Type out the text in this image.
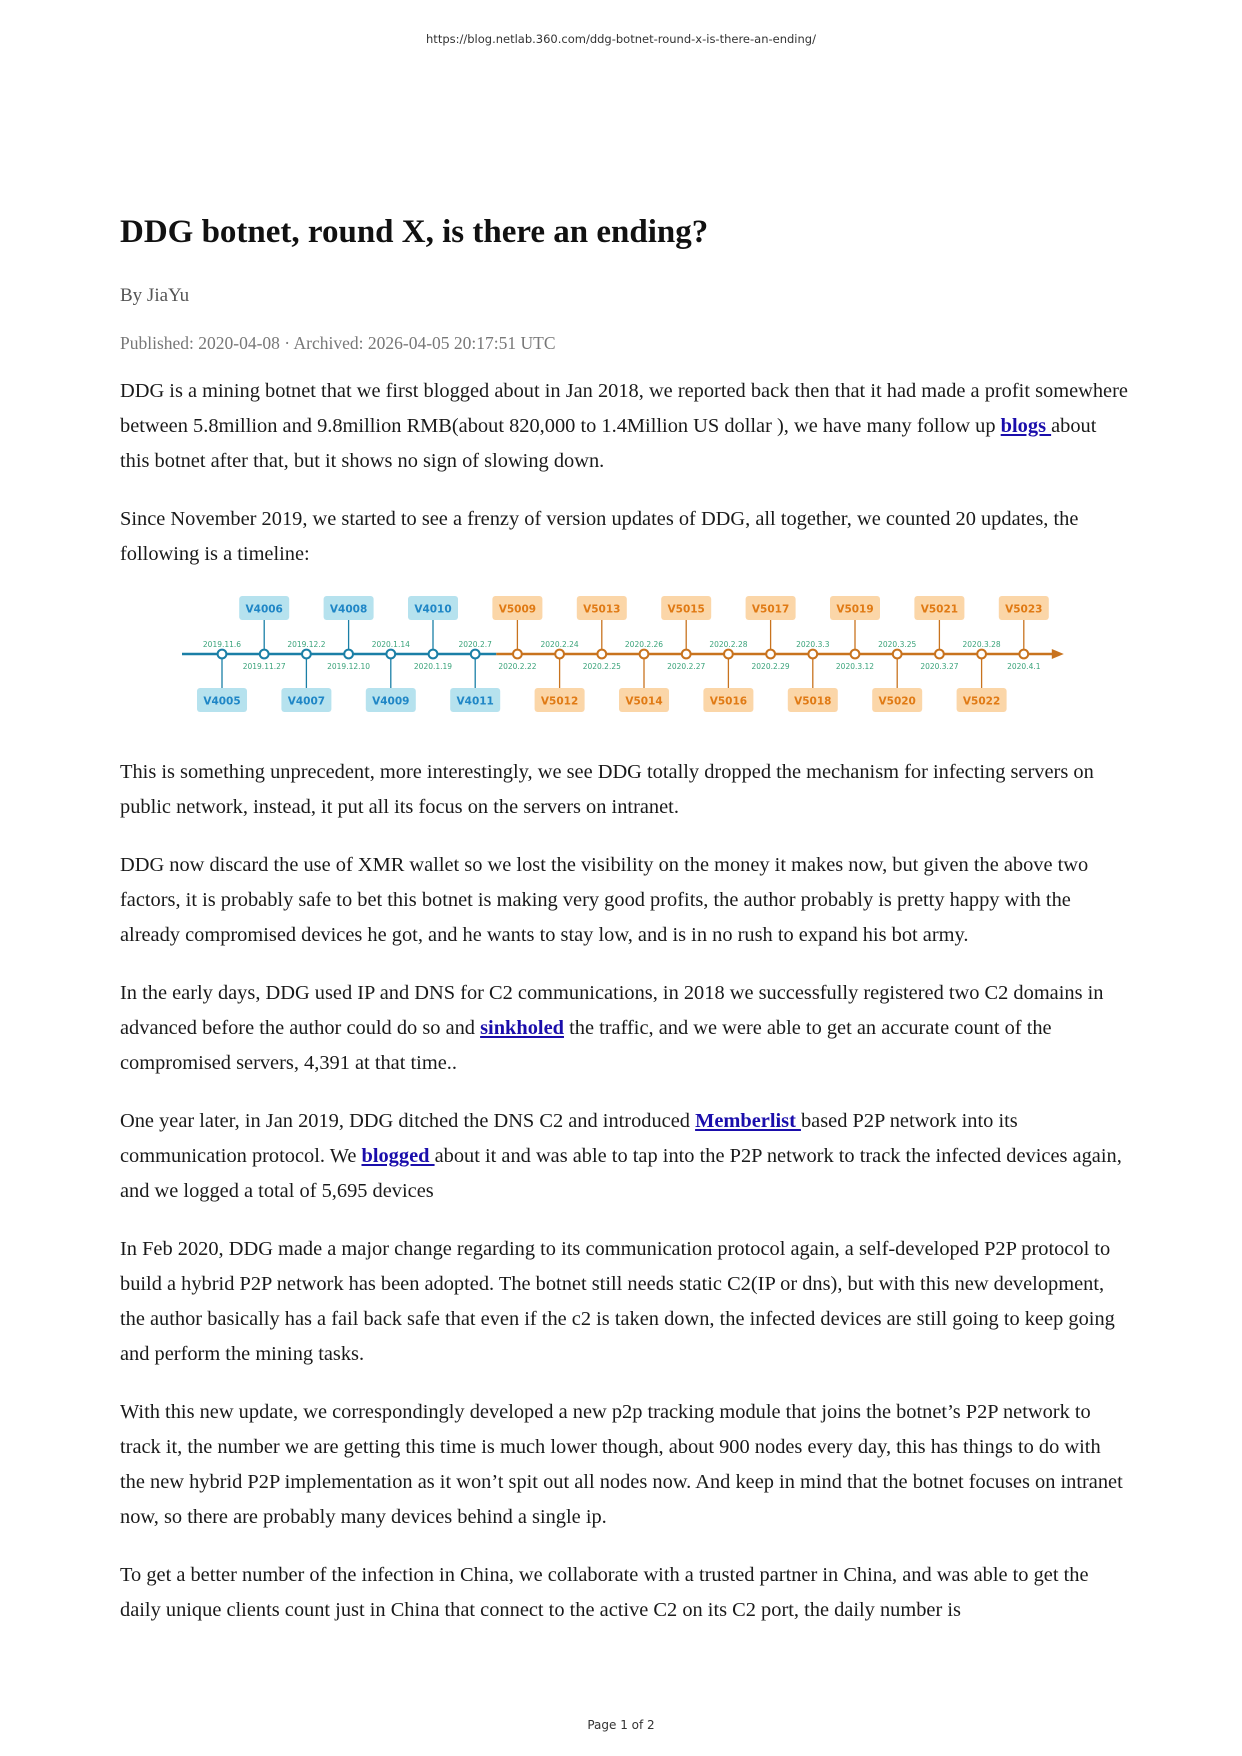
https://blog.netlab.360.com/ddg-botnet-round-x-is-there-an-ending/
DDG botnet, round X, is there an ending?
By JiaYu
Published: 2020-04-08 · Archived: 2026-04-05 20:17:51 UTC

DDG is a mining botnet that we first blogged about in Jan 2018, we reported back then that it had made a profit somewhere between 5.8million and 9.8million RMB(about 820,000 to 1.4Million US dollar ), we have many follow up blogs about this botnet after that, but it shows no sign of slowing down.

Since November 2019, we started to see a frenzy of version updates of DDG, all together, we counted 20 updates, the following is a timeline:

V4005
2019.11.6
V4006
2019.11.27
V4007
2019.12.2
V4008
2019.12.10
V4009
2020.1.14
V4010
2020.1.19
V4011
2020.2.7
V5009
2020.2.22
V5012
2020.2.24
V5013
2020.2.25
V5014
2020.2.26
V5015
2020.2.27
V5016
2020.2.28
V5017
2020.2.29
V5018
2020.3.3
V5019
2020.3.12
V5020
2020.3.25
V5021
2020.3.27
V5022
2020.3.28
V5023
2020.4.1

This is something unprecedent, more interestingly, we see DDG totally dropped the mechanism for infecting servers on public network, instead, it put all its focus on the servers on intranet.

DDG now discard the use of XMR wallet so we lost the visibility on the money it makes now, but given the above two factors, it is probably safe to bet this botnet is making very good profits, the author probably is pretty happy with the already compromised devices he got, and he wants to stay low, and is in no rush to expand his bot army.

In the early days, DDG used IP and DNS for C2 communications, in 2018 we successfully registered two C2 domains in advanced before the author could do so and sinkholed the traffic, and we were able to get an accurate count of the compromised servers, 4,391 at that time..

One year later, in Jan 2019, DDG ditched the DNS C2 and introduced Memberlist based P2P network into its communication protocol. We blogged about it and was able to tap into the P2P network to track the infected devices again, and we logged a total of 5,695 devices

In Feb 2020, DDG made a major change regarding to its communication protocol again, a self-developed P2P protocol to build a hybrid P2P network has been adopted. The botnet still needs static C2(IP or dns), but with this new development, the author basically has a fail back safe that even if the c2 is taken down, the infected devices are still going to keep going and perform the mining tasks.

With this new update, we correspondingly developed a new p2p tracking module that joins the botnet’s P2P network to track it, the number we are getting this time is much lower though, about 900 nodes every day, this has things to do with the new hybrid P2P implementation as it won’t spit out all nodes now. And keep in mind that the botnet focuses on intranet now, so there are probably many devices behind a single ip.

To get a better number of the infection in China, we collaborate with a trusted partner in China, and was able to get the daily unique clients count just in China that connect to the active C2 on its C2 port, the daily number is

Page 1 of 2
